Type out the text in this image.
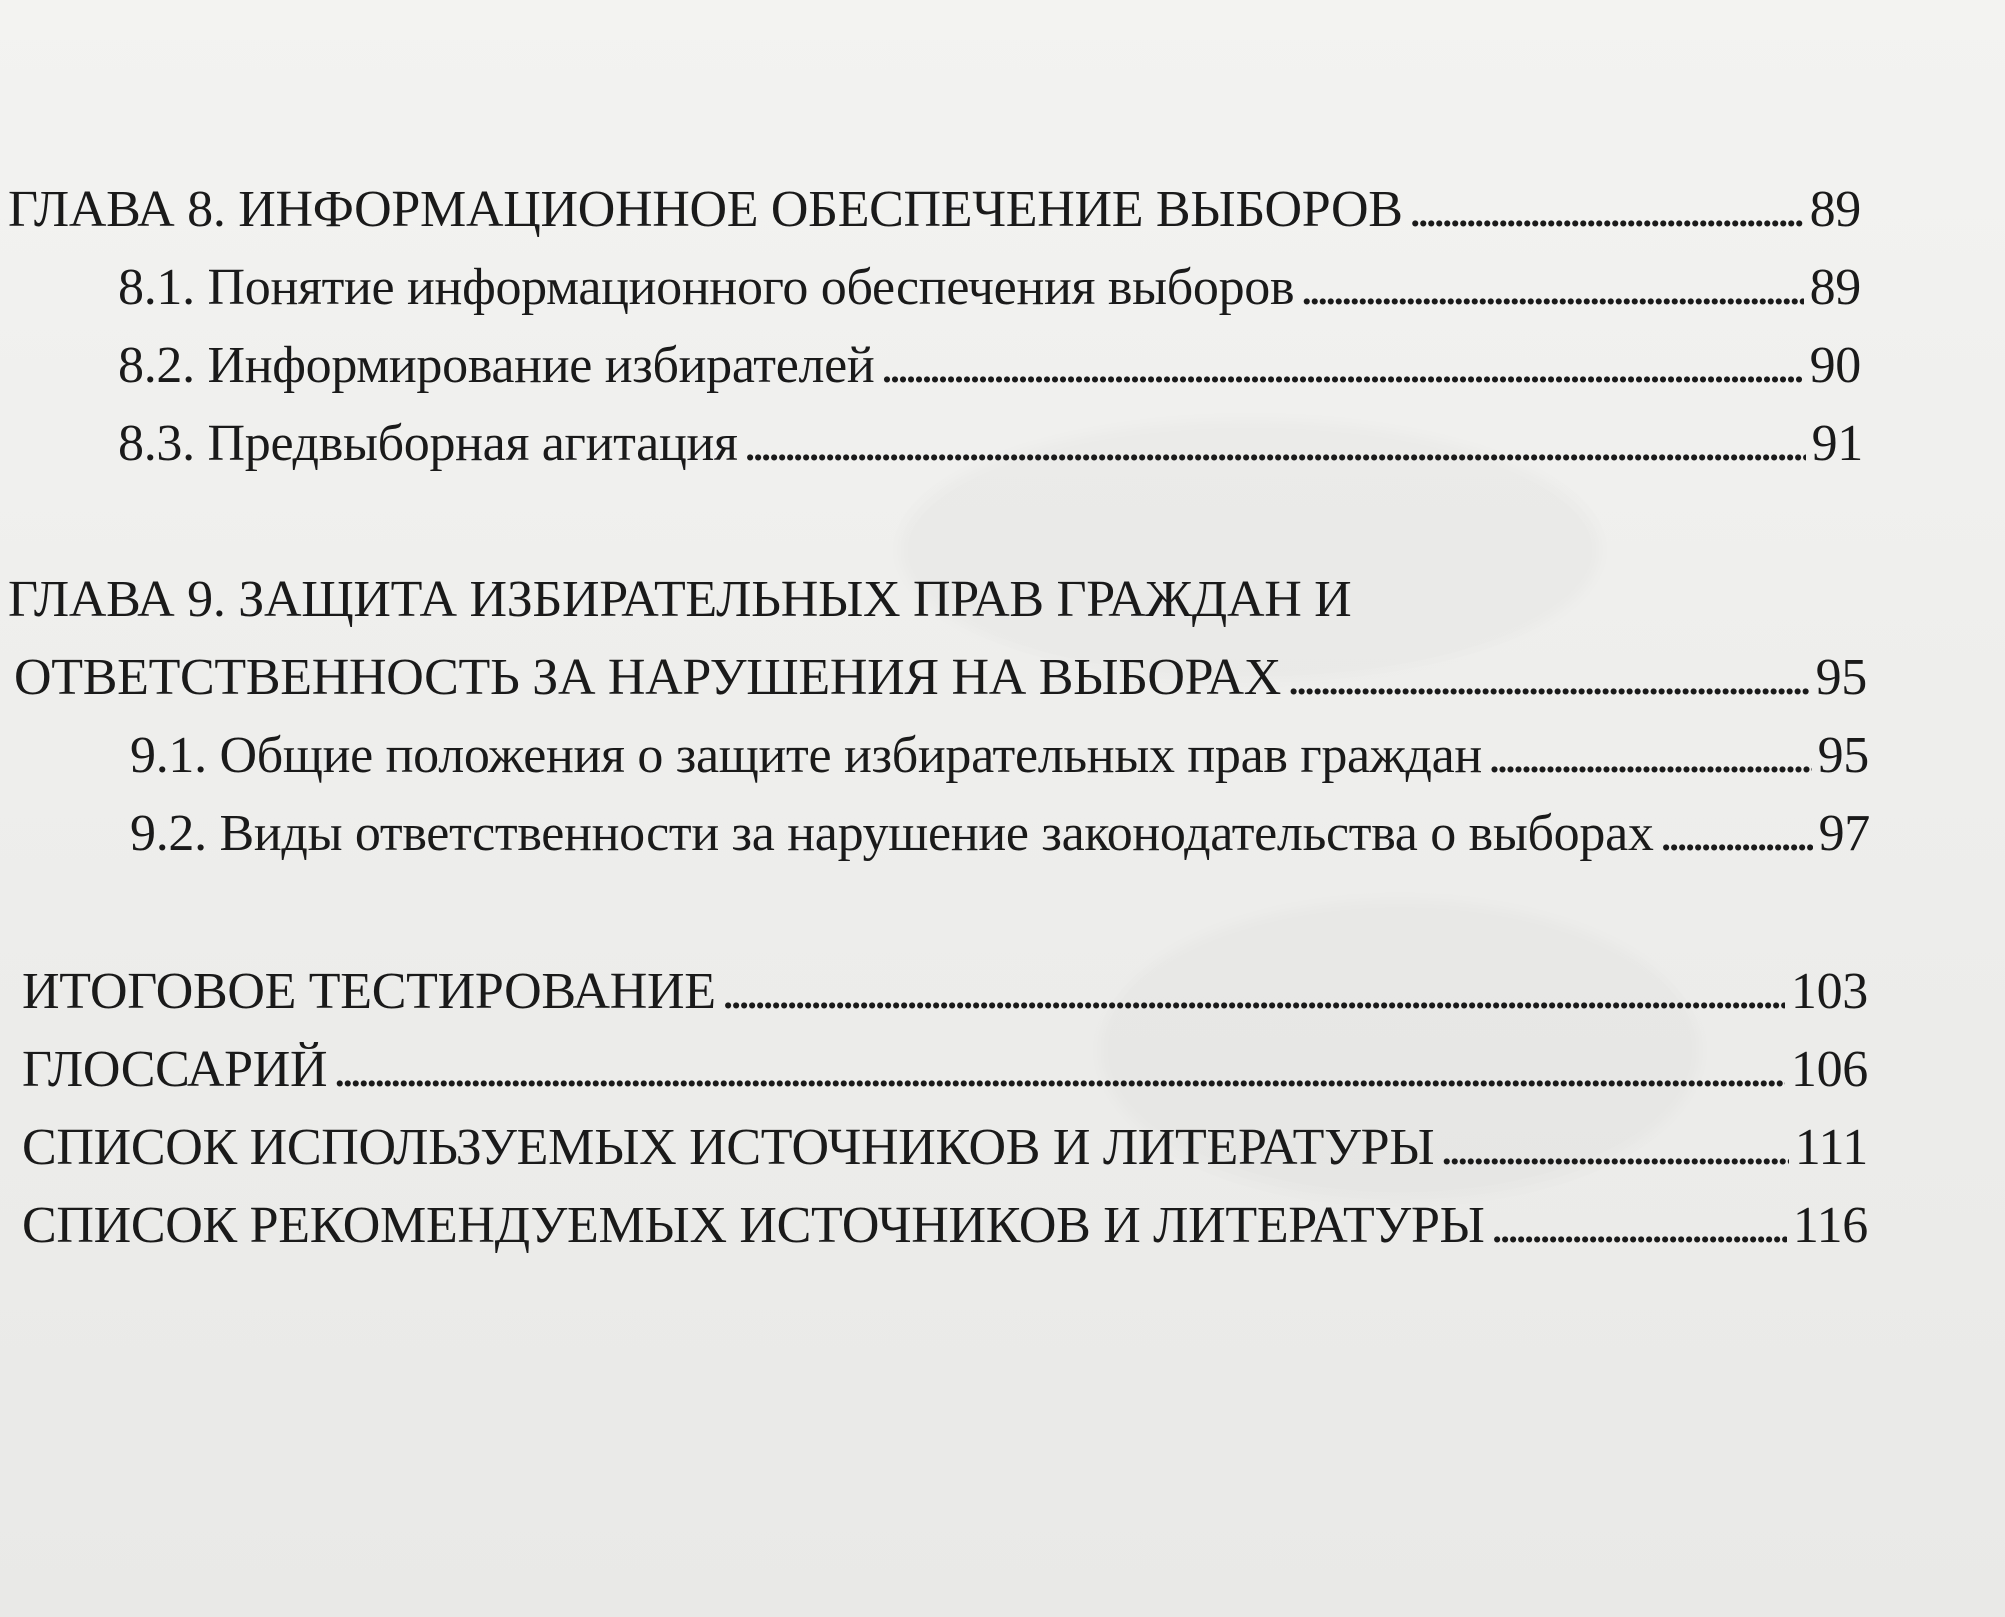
ГЛАВА 8. ИНФОРМАЦИОННОЕ ОБЕСПЕЧЕНИЕ ВЫБОРОВ . . .	89
8.1. Понятие информационного обеспечения выборов . . .	89
8.2. Информирование избирателей . . .	90
8.3. Предвыборная агитация . . .	91
ГЛАВА 9. ЗАЩИТА ИЗБИРАТЕЛЬНЫХ ПРАВ ГРАЖДАН И
ОТВЕТСТВЕННОСТЬ ЗА НАРУШЕНИЯ НА ВЫБОРАХ . . .	95
9.1. Общие положения о защите избирательных прав граждан . . .	95
9.2. Виды ответственности за нарушение законодательства о выборах . . .	97
ИТОГОВОЕ ТЕСТИРОВАНИЕ . . .	103
ГЛОССАРИЙ . . .	106
СПИСОК ИСПОЛЬЗУЕМЫХ ИСТОЧНИКОВ И ЛИТЕРАТУРЫ . . .	111
СПИСОК РЕКОМЕНДУЕМЫХ ИСТОЧНИКОВ И ЛИТЕРАТУРЫ . . .	116
